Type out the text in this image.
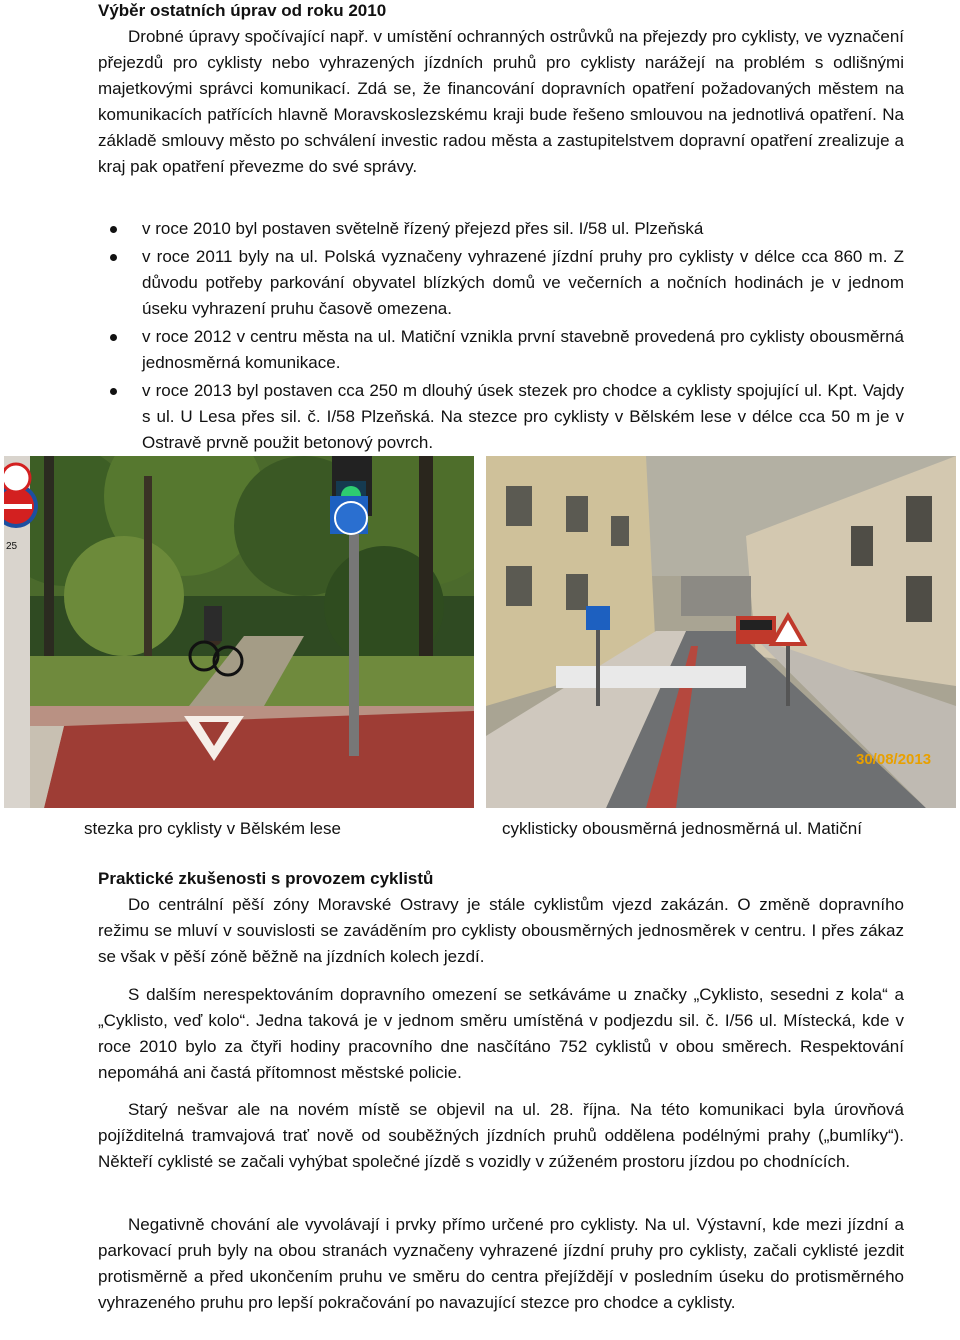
Výběr ostatních úprav od roku 2010

Drobné úpravy spočívající např. v umístění ochranných ostrůvků na přejezdy pro cyklisty, ve vyznačení přejezdů pro cyklisty nebo vyhrazených jízdních pruhů pro cyklisty narážejí na problém s odlišnými majetkovými správci komunikací. Zdá se, že financování dopravních opatření požadovaných městem na komunikacích patřících hlavně Moravskoslezskému kraji bude řešeno smlouvou na jednotlivá opatření. Na základě smlouvy město po schválení investic radou města a zastupitelstvem dopravní opatření zrealizuje a kraj pak opatření převezme do své správy.

v roce 2010 byl postaven světelně řízený přejezd přes sil. I/58 ul. Plzeňská
v roce 2011 byly na ul. Polská vyznačeny vyhrazené jízdní pruhy pro cyklisty v délce cca 860 m. Z důvodu potřeby parkování obyvatel blízkých domů ve večerních a nočních hodinách je v jednom úseku vyhrazení pruhu časově omezena.
v roce 2012 v centru města na ul. Matiční vznikla první stavebně provedená pro cyklisty obousměrná jednosměrná komunikace.
v roce 2013 byl postaven cca 250 m dlouhý úsek stezek pro chodce a cyklisty spojující ul. Kpt. Vajdy s ul. U Lesa přes sil. č. I/58 Plzeňská. Na stezce pro cyklisty v Bělském lese v délce cca 50 m je v Ostravě prvně použit betonový povrch.
25
30/08/2013
stezka pro cyklisty v Bělském lese	cyklisticky obousměrná jednosměrná ul. Matiční
Praktické zkušenosti s provozem cyklistů

Do centrální pěší zóny Moravské Ostravy je stále cyklistům vjezd zakázán. O změně dopravního režimu se mluví v souvislosti se zaváděním pro cyklisty obousměrných jednosměrek v centru. I přes zákaz se však v pěší zóně běžně na jízdních kolech jezdí.

S dalším nerespektováním dopravního omezení se setkáváme u značky „Cyklisto, sesedni z kola“ a „Cyklisto, veď kolo“. Jedna taková je v jednom směru umístěná v podjezdu sil. č. I/56 ul. Místecká, kde v roce 2010 bylo za čtyři hodiny pracovního dne nasčítáno 752 cyklistů v obou směrech. Respektování nepomáhá ani častá přítomnost městské policie.

Starý nešvar ale na novém místě se objevil na ul. 28. října. Na této komunikaci byla úrovňová pojížditelná tramvajová trať nově od souběžných jízdních pruhů oddělena podélnými prahy („bumlíky“). Někteří cyklisté se začali vyhýbat společné jízdě s vozidly v zúženém prostoru jízdou po chodnících.

Negativně chování ale vyvolávají i prvky přímo určené pro cyklisty. Na ul. Výstavní, kde mezi jízdní a parkovací pruh byly na obou stranách vyznačeny vyhrazené jízdní pruhy pro cyklisty, začali cyklisté jezdit protisměrně a před ukončením pruhu ve směru do centra přejíždějí v posledním úseku do protisměrného vyhrazeného pruhu pro lepší pokračování po navazující stezce pro chodce a cyklisty.
